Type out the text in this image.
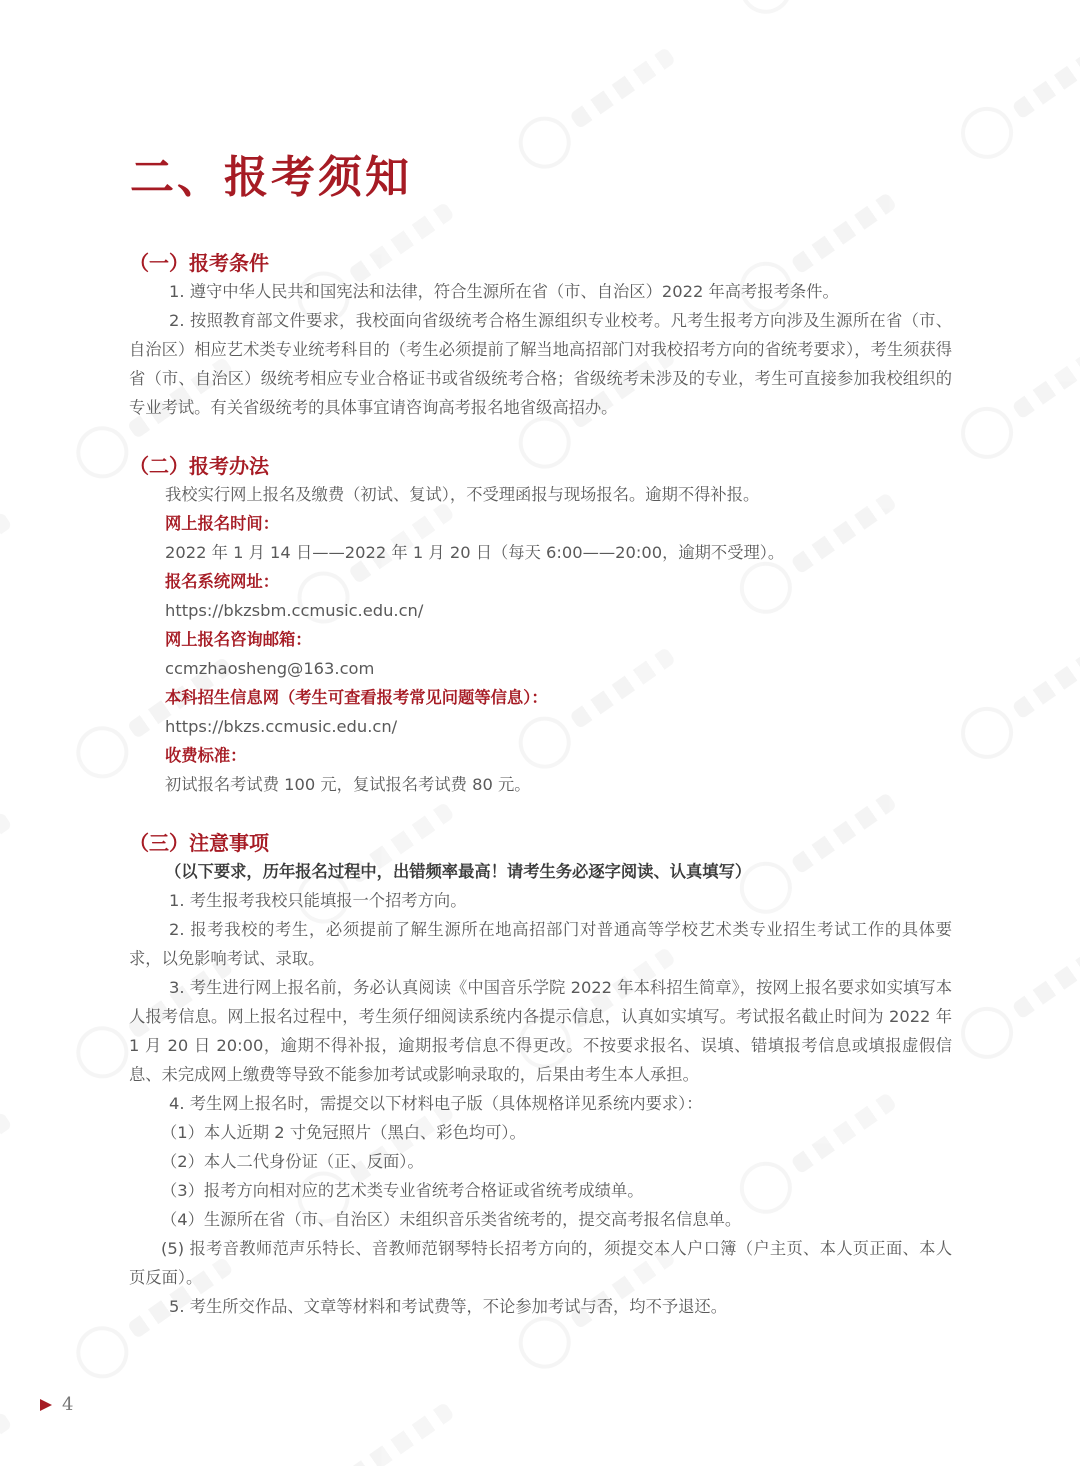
二、报考须知
（一）报考条件

1. 遵守中华人民共和国宪法和法律，符合生源所在省（市、自治区）2022 年高考报考条件。

2. 按照教育部文件要求，我校面向省级统考合格生源组织专业校考。凡考生报考方向涉及生源所在省（市、自治区）相应艺术类专业统考科目的（考生必须提前了解当地高招部门对我校招考方向的省统考要求），考生须获得省（市、自治区）级统考相应专业合格证书或省级统考合格；省级统考未涉及的专业，考生可直接参加我校组织的专业考试。有关省级统考的具体事宜请咨询高考报名地省级高招办。

（二）报考办法

我校实行网上报名及缴费（初试、复试），不受理函报与现场报名。逾期不得补报。

网上报名时间：

2022 年 1 月 14 日——2022 年 1 月 20 日（每天 6:00——20:00，逾期不受理）。

报名系统网址：

https://bkzsbm.ccmusic.edu.cn/

网上报名咨询邮箱：

ccmzhaosheng@163.com

本科招生信息网（考生可查看报考常见问题等信息）：

https://bkzs.ccmusic.edu.cn/

收费标准：

初试报名考试费 100 元，复试报名考试费 80 元。

（三）注意事项

（以下要求，历年报名过程中，出错频率最高！请考生务必逐字阅读、认真填写）

1. 考生报考我校只能填报一个招考方向。

2. 报考我校的考生，必须提前了解生源所在地高招部门对普通高等学校艺术类专业招生考试工作的具体要求，以免影响考试、录取。

3. 考生进行网上报名前，务必认真阅读《中国音乐学院 2022 年本科招生简章》，按网上报名要求如实填写本人报考信息。网上报名过程中，考生须仔细阅读系统内各提示信息，认真如实填写。考试报名截止时间为 2022 年 1 月 20 日 20:00，逾期不得补报，逾期报考信息不得更改。不按要求报名、误填、错填报考信息或填报虚假信息、未完成网上缴费等导致不能参加考试或影响录取的，后果由考生本人承担。

4. 考生网上报名时，需提交以下材料电子版（具体规格详见系统内要求）：

（1）本人近期 2 寸免冠照片（黑白、彩色均可）。

（2）本人二代身份证（正、反面）。

（3）报考方向相对应的艺术类专业省统考合格证或省统考成绩单。

（4）生源所在省（市、自治区）未组织音乐类省统考的，提交高考报名信息单。

(5) 报考音教师范声乐特长、音教师范钢琴特长招考方向的，须提交本人户口簿（户主页、本人页正面、本人页反面）。

5. 考生所交作品、文章等材料和考试费等，不论参加考试与否，均不予退还。

4
